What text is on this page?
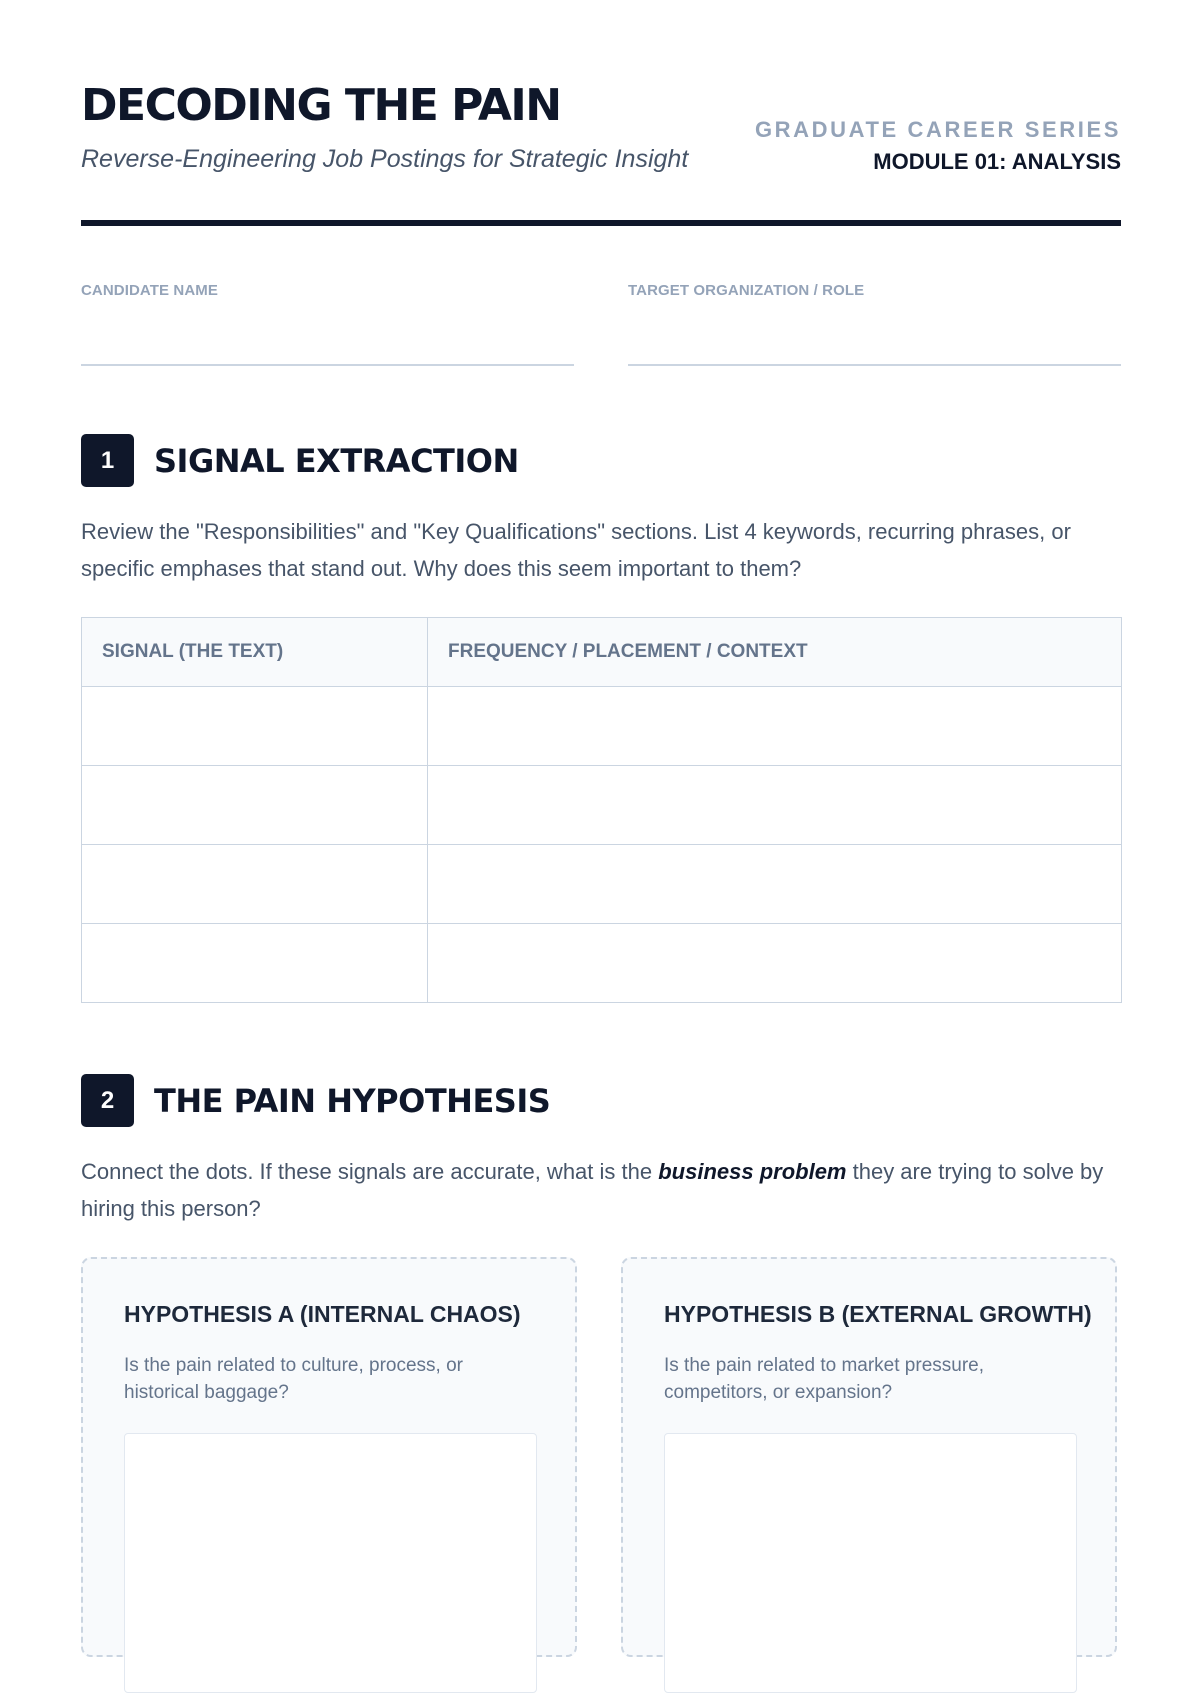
DECODING THE PAIN

Reverse-Engineering Job Postings for Strategic Insight

GRADUATE CAREER SERIES
MODULE 01: ANALYSIS
CANDIDATE NAME	TARGET ORGANIZATION / ROLE
1	SIGNAL EXTRACTION

Review the "Responsibilities" and "Key Qualifications" sections. List 4 keywords, recurring phrases, or specific emphases that stand out. Why does this seem important to them?

SIGNAL (THE TEXT)	FREQUENCY / PLACEMENT / CONTEXT

2	THE PAIN HYPOTHESIS

Connect the dots. If these signals are accurate, what is the business problem they are trying to solve by hiring this person?

HYPOTHESIS A (INTERNAL CHAOS)

Is the pain related to culture, process, or historical baggage?

HYPOTHESIS B (EXTERNAL GROWTH)

Is the pain related to market pressure, competitors, or expansion?
